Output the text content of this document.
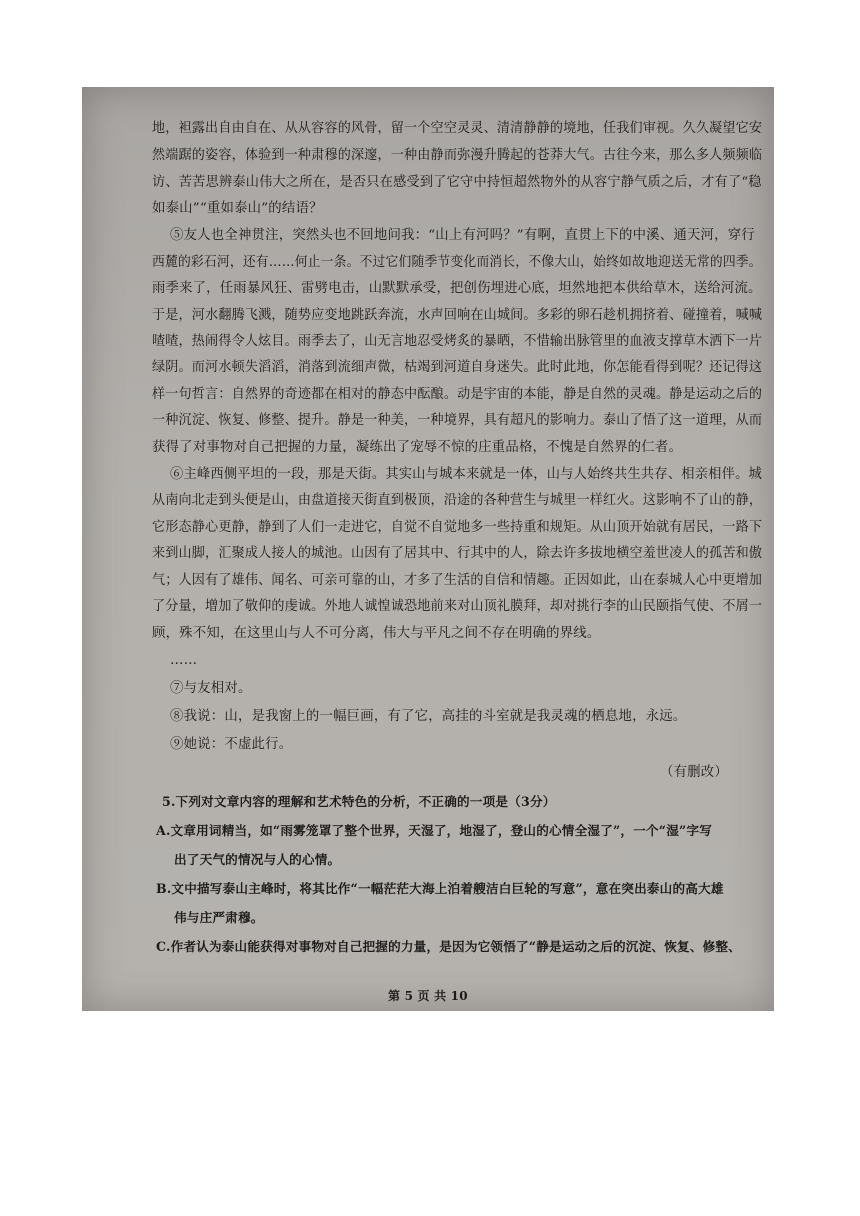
地，袒露出自由自在、从从容容的风骨，留一个空空灵灵、清清静静的境地，任我们审视。久久凝望它安
然端踞的姿容，体验到一种肃穆的深邃，一种由静而弥漫升腾起的苍莽大气。古往今来，那么多人频频临
访、苦苦思辨泰山伟大之所在，是否只在感受到了它守中持恒超然物外的从容宁静气质之后，才有了“稳
如泰山”“重如泰山”的结语？
⑤友人也全神贯注，突然头也不回地问我：“山上有河吗？”有啊，直贯上下的中溪、通天河，穿行
西麓的彩石河，还有……何止一条。不过它们随季节变化而消长，不像大山，始终如故地迎送无常的四季。
雨季来了，任雨暴风狂、雷劈电击，山默默承受，把创伤埋进心底，坦然地把本供给草木，送给河流。
于是，河水翻腾飞溅，随势应变地跳跃奔流，水声回响在山城间。多彩的卵石趁机拥挤着、碰撞着，喊喊
喳喳，热闹得令人炫目。雨季去了，山无言地忍受烤炙的暴晒，不惜输出脉管里的血液支撑草木洒下一片
绿阴。而河水顿失滔滔，消落到流细声微，枯竭到河道自身迷失。此时此地，你怎能看得到呢？还记得这
样一句哲言：自然界的奇迹都在相对的静态中酝酿。动是宇宙的本能，静是自然的灵魂。静是运动之后的
一种沉淀、恢复、修整、提升。静是一种美，一种境界，具有超凡的影响力。泰山了悟了这一道理，从而
获得了对事物对自己把握的力量，凝练出了宠辱不惊的庄重品格，不愧是自然界的仁者。
⑥主峰西侧平坦的一段，那是天街。其实山与城本来就是一体，山与人始终共生共存、相亲相伴。城
从南向北走到头便是山，由盘道接天街直到极顶，沿途的各种营生与城里一样红火。这影响不了山的静，
它形态静心更静，静到了人们一走进它，自觉不自觉地多一些持重和规矩。从山顶开始就有居民，一路下
来到山脚，汇聚成人接人的城池。山因有了居其中、行其中的人，除去许多拔地横空羞世凌人的孤苦和傲
气；人因有了雄伟、闻名、可亲可靠的山，才多了生活的自信和情趣。正因如此，山在泰城人心中更增加
了分量，增加了敬仰的虔诚。外地人诚惶诚恐地前来对山顶礼膜拜，却对挑行李的山民颐指气使、不屑一
顾，殊不知，在这里山与人不可分离，伟大与平凡之间不存在明确的界线。
……
⑦与友相对。
⑧我说：山，是我窗上的一幅巨画，有了它，高挂的斗室就是我灵魂的栖息地，永远。
⑨她说：不虚此行。
（有删改）
5.下列对文章内容的理解和艺术特色的分析，不正确的一项是（3分）
A.文章用词精当，如“雨雾笼罩了整个世界，天湿了，地湿了，登山的心情全湿了”，一个“湿”字写
出了天气的情况与人的心情。
B.文中描写泰山主峰时，将其比作“一幅茫茫大海上泊着艘洁白巨轮的写意”，意在突出泰山的高大雄
伟与庄严肃穆。
C.作者认为泰山能获得对事物对自己把握的力量，是因为它领悟了“静是运动之后的沉淀、恢复、修整、
第 5 页 共 10
